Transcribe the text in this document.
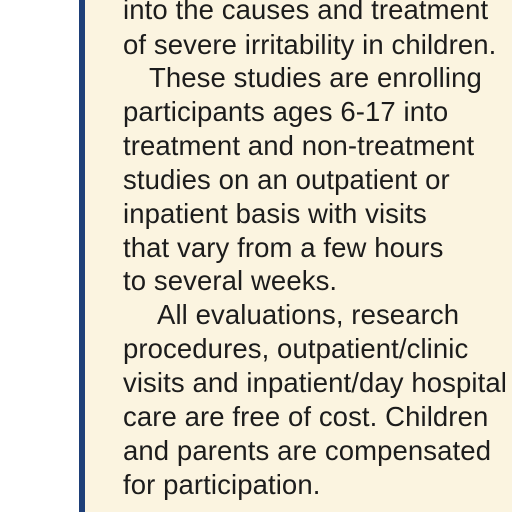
into the causes and treatment
of severe irritability in children.
These studies are enrolling
participants ages 6-17 into
treatment and non-treatment
studies on an outpatient or
inpatient basis with visits
that vary from a few hours
to several weeks.
All evaluations, research
procedures, outpatient/clinic
visits and inpatient/day hospital
care are free of cost. Children
and parents are compensated
for participation.
